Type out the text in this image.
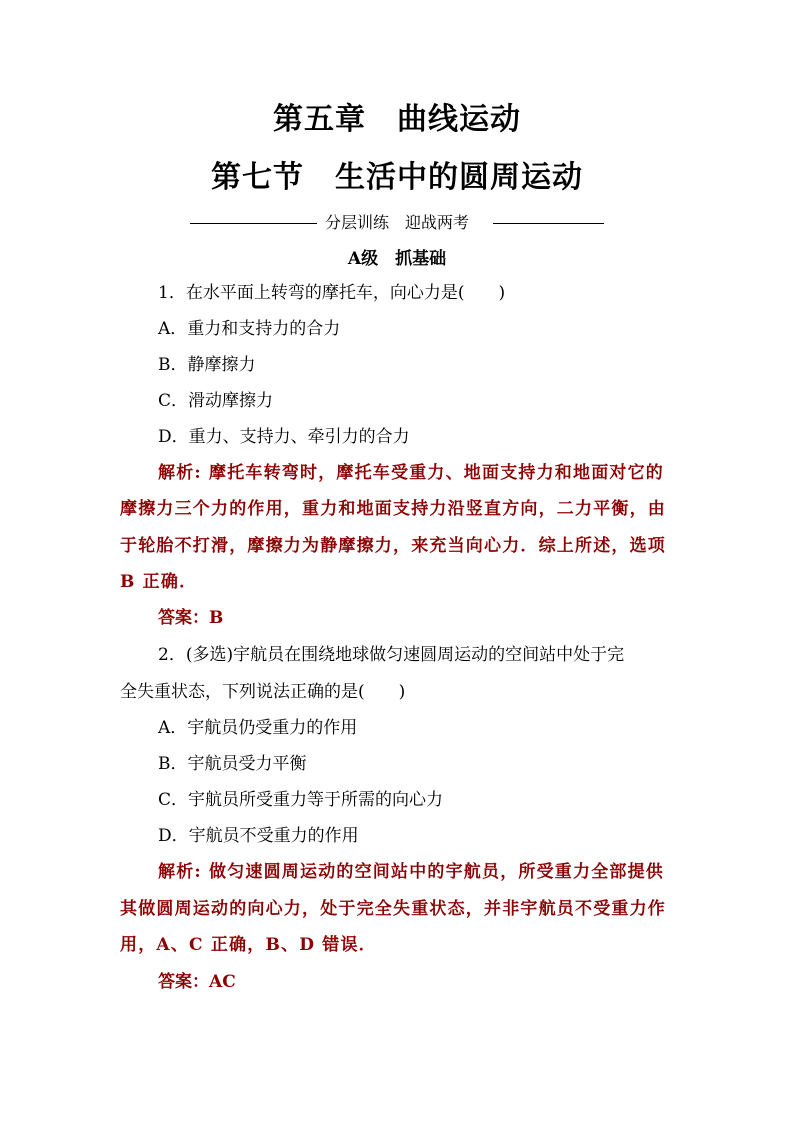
第五章　曲线运动
第七节　生活中的圆周运动
分层训练　迎战两考
A级　抓基础
1．在水平面上转弯的摩托车，向心力是(　　)
A．重力和支持力的合力
B．静摩擦力
C．滑动摩擦力
D．重力、支持力、牵引力的合力
解析: 摩托车转弯时，摩托车受重力、地面支持力和地面对它的
摩擦力三个力的作用，重力和地面支持力沿竖直方向，二力平衡，由
于轮胎不打滑，摩擦力为静摩擦力，来充当向心力．综上所述，选项
B 正确．
答案：B
2．(多选)宇航员在围绕地球做匀速圆周运动的空间站中处于完
全失重状态，下列说法正确的是(　　)
A．宇航员仍受重力的作用
B．宇航员受力平衡
C．宇航员所受重力等于所需的向心力
D．宇航员不受重力的作用
解析: 做匀速圆周运动的空间站中的宇航员，所受重力全部提供
其做圆周运动的向心力，处于完全失重状态，并非宇航员不受重力作
用，A、C 正确，B、D 错误．
答案：AC
